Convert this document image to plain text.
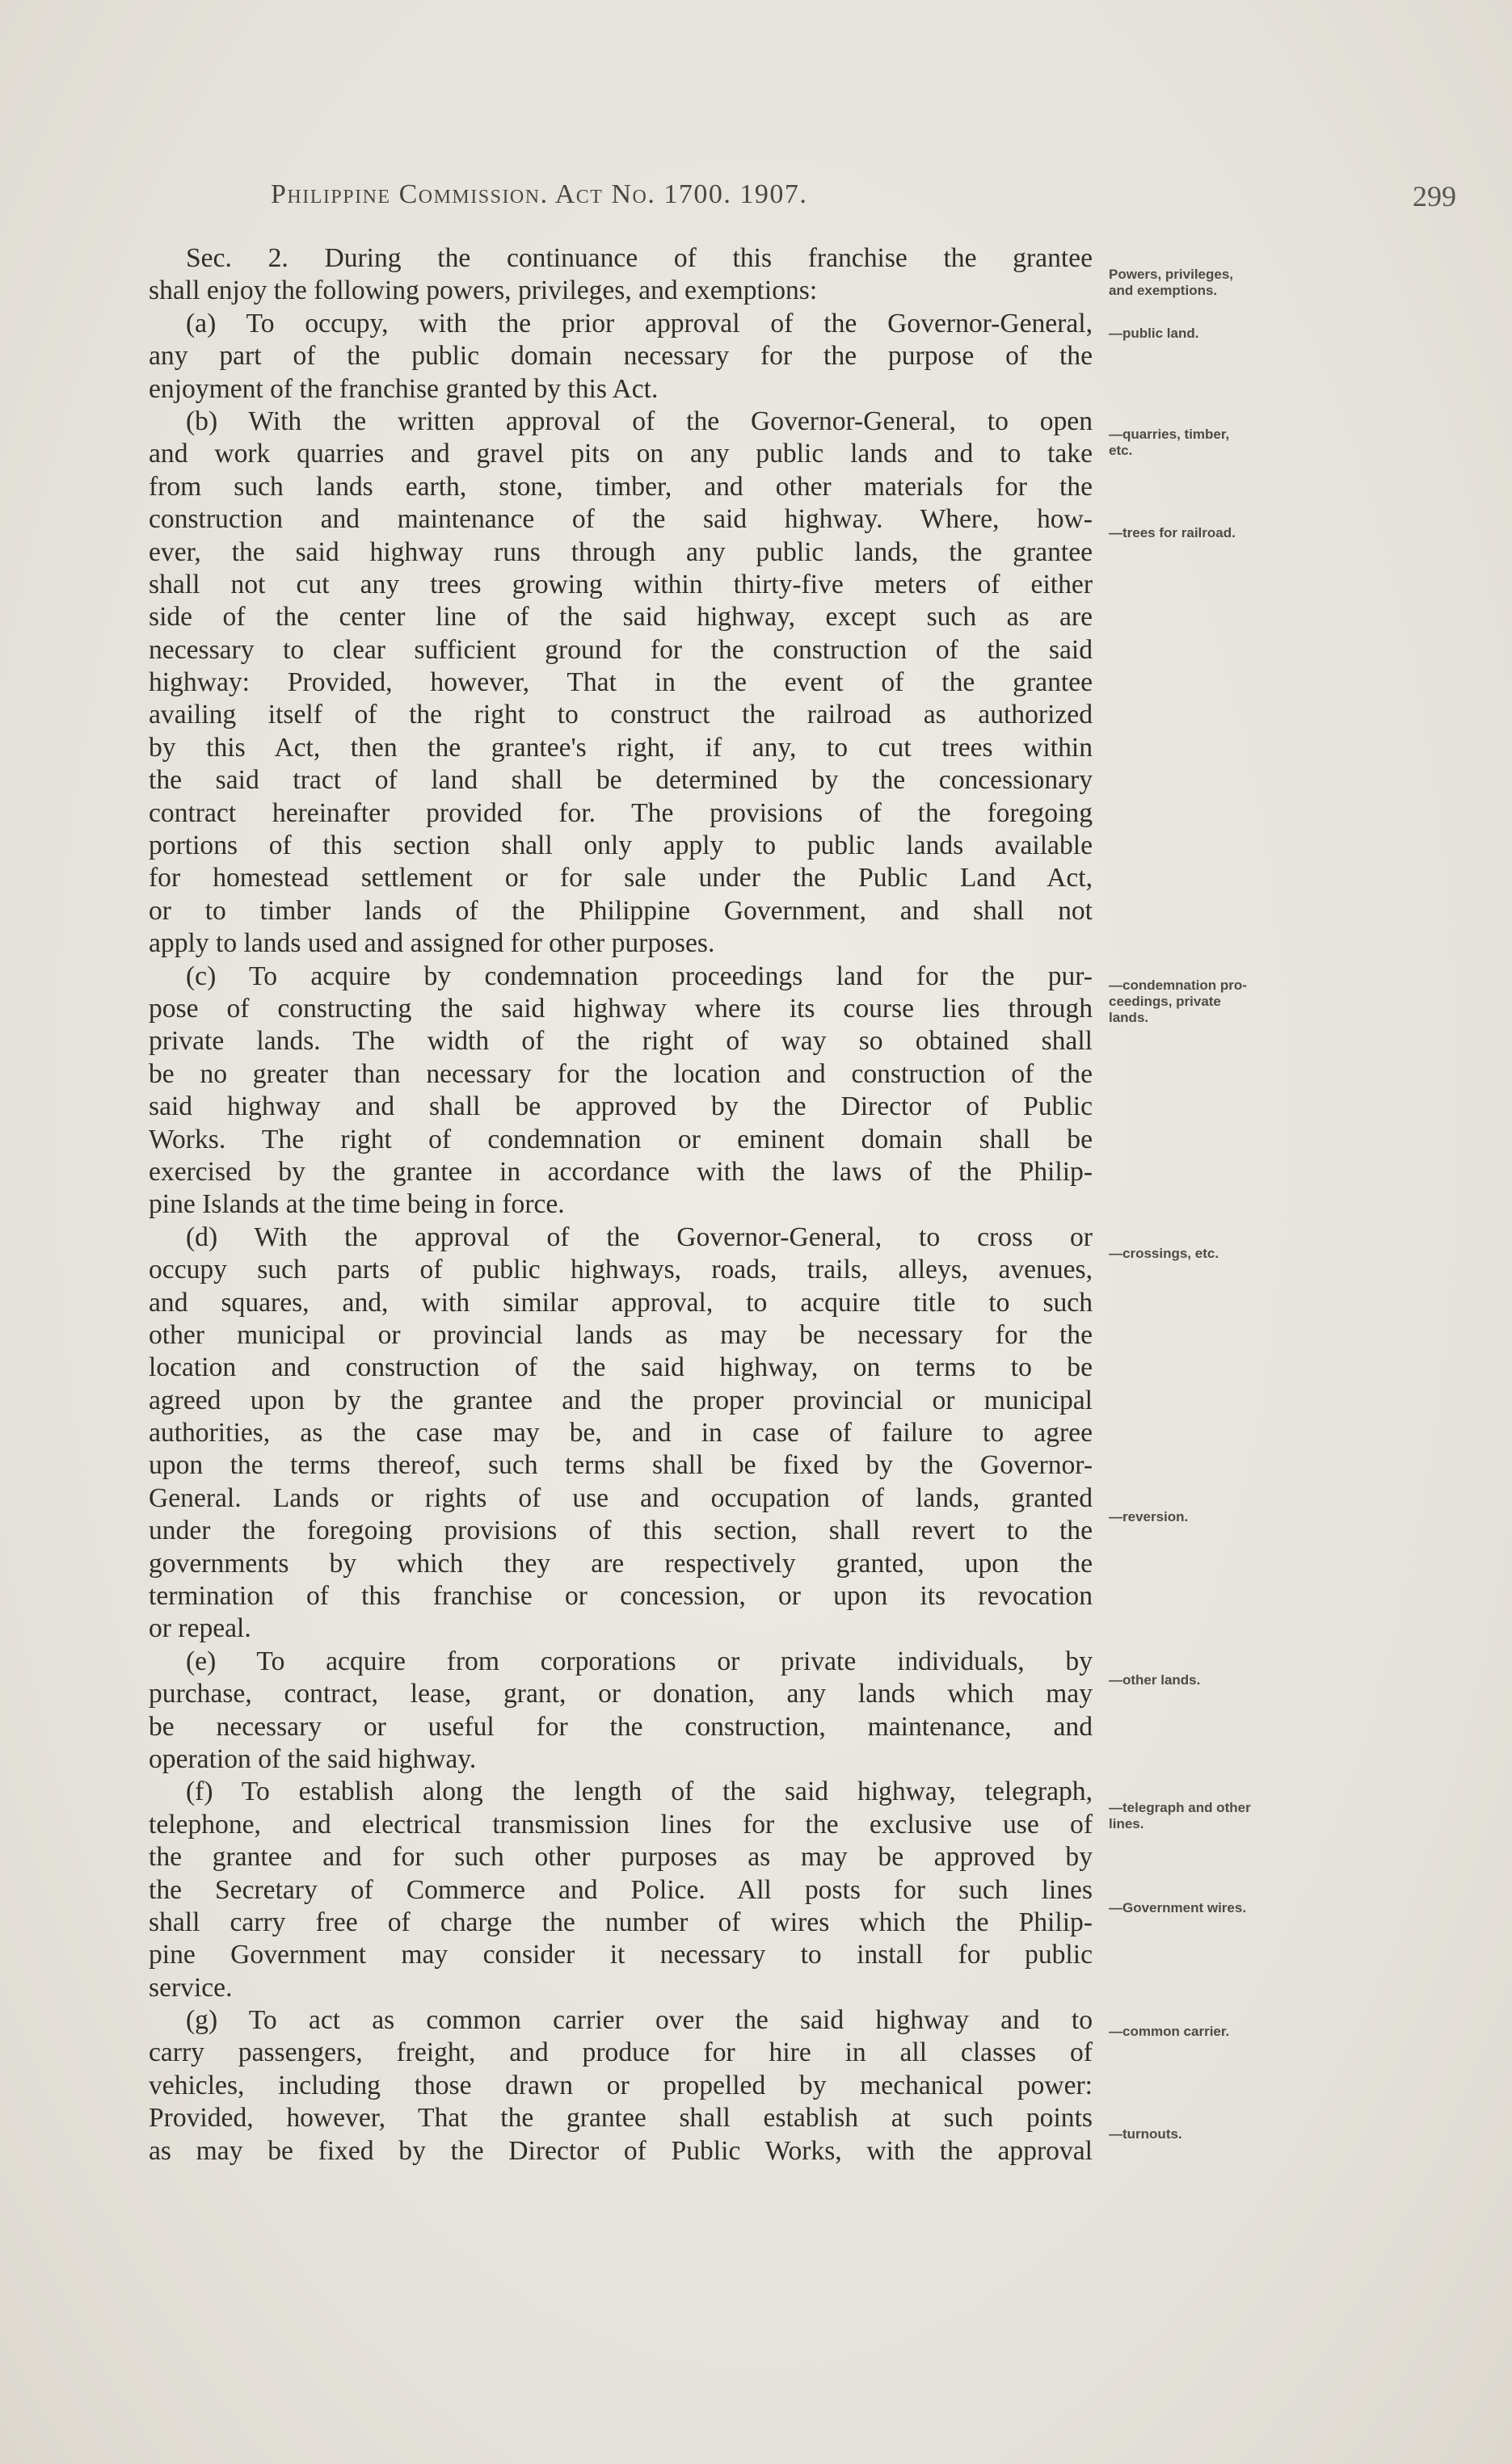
Philippine Commission. Act No. 1700. 1907.	299
Sec. 2. During the continuance of this franchise the grantee
shall enjoy the following powers, privileges, and exemptions:
(a) To occupy, with the prior approval of the Governor-General,
any part of the public domain necessary for the purpose of the
enjoyment of the franchise granted by this Act.
(b) With the written approval of the Governor-General, to open
and work quarries and gravel pits on any public lands and to take
from such lands earth, stone, timber, and other materials for the
construction and maintenance of the said highway. Where, how-
ever, the said highway runs through any public lands, the grantee
shall not cut any trees growing within thirty-five meters of either
side of the center line of the said highway, except such as are
necessary to clear sufficient ground for the construction of the said
highway: Provided, however, That in the event of the grantee
availing itself of the right to construct the railroad as authorized
by this Act, then the grantee's right, if any, to cut trees within
the said tract of land shall be determined by the concessionary
contract hereinafter provided for. The provisions of the foregoing
portions of this section shall only apply to public lands available
for homestead settlement or for sale under the Public Land Act,
or to timber lands of the Philippine Government, and shall not
apply to lands used and assigned for other purposes.
(c) To acquire by condemnation proceedings land for the pur-
pose of constructing the said highway where its course lies through
private lands. The width of the right of way so obtained shall
be no greater than necessary for the location and construction of the
said highway and shall be approved by the Director of Public
Works. The right of condemnation or eminent domain shall be
exercised by the grantee in accordance with the laws of the Philip-
pine Islands at the time being in force.
(d) With the approval of the Governor-General, to cross or
occupy such parts of public highways, roads, trails, alleys, avenues,
and squares, and, with similar approval, to acquire title to such
other municipal or provincial lands as may be necessary for the
location and construction of the said highway, on terms to be
agreed upon by the grantee and the proper provincial or municipal
authorities, as the case may be, and in case of failure to agree
upon the terms thereof, such terms shall be fixed by the Governor-
General. Lands or rights of use and occupation of lands, granted
under the foregoing provisions of this section, shall revert to the
governments by which they are respectively granted, upon the
termination of this franchise or concession, or upon its revocation
or repeal.
(e) To acquire from corporations or private individuals, by
purchase, contract, lease, grant, or donation, any lands which may
be necessary or useful for the construction, maintenance, and
operation of the said highway.
(f) To establish along the length of the said highway, telegraph,
telephone, and electrical transmission lines for the exclusive use of
the grantee and for such other purposes as may be approved by
the Secretary of Commerce and Police. All posts for such lines
shall carry free of charge the number of wires which the Philip-
pine Government may consider it necessary to install for public
service.
(g) To act as common carrier over the said highway and to
carry passengers, freight, and produce for hire in all classes of
vehicles, including those drawn or propelled by mechanical power:
Provided, however, That the grantee shall establish at such points
as may be fixed by the Director of Public Works, with the approval
Powers, privileges,
and exemptions.
—public land.
—quarries, timber,
etc.
—trees for railroad.
—condemnation pro-
ceedings, private
lands.
—crossings, etc.
—reversion.
—other lands.
—telegraph and other
lines.
—Government wires.
—common carrier.
—turnouts.
